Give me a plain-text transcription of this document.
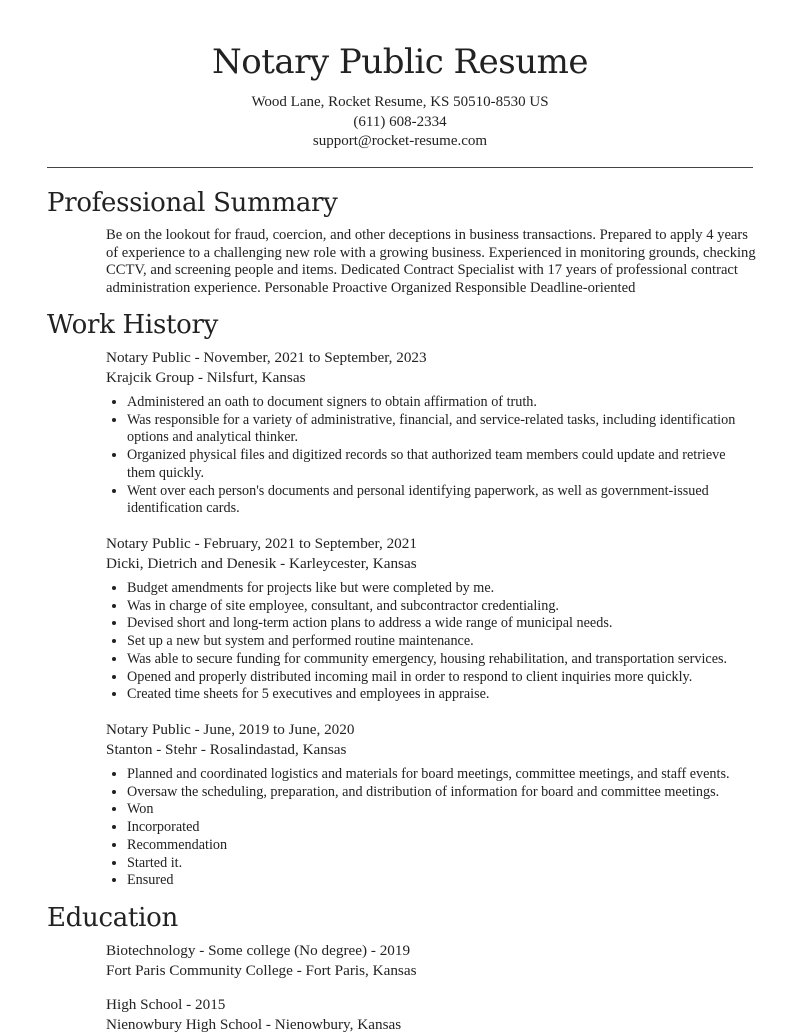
Notary Public Resume
Wood Lane, Rocket Resume, KS 50510-8530 US
(611) 608-2334
support@rocket-resume.com
Professional Summary

Be on the lookout for fraud, coercion, and other deceptions in business transactions. Prepared to apply 4 years of experience to a challenging new role with a growing business. Experienced in monitoring grounds, checking CCTV, and screening people and items. Dedicated Contract Specialist with 17 years of professional contract administration experience. Personable Proactive Organized Responsible Deadline-oriented

Work History

Notary Public - November, 2021 to September, 2023

Krajcik Group - Nilsfurt, Kansas

• Administered an oath to document signers to obtain affirmation of truth.
• Was responsible for a variety of administrative, financial, and service-related tasks, including identification options and analytical thinker.
• Organized physical files and digitized records so that authorized team members could update and retrieve them quickly.
• Went over each person's documents and personal identifying paperwork, as well as government-issued identification cards.

Notary Public - February, 2021 to September, 2021

Dicki, Dietrich and Denesik - Karleycester, Kansas

• Budget amendments for projects like but were completed by me.
• Was in charge of site employee, consultant, and subcontractor credentialing.
• Devised short and long-term action plans to address a wide range of municipal needs.
• Set up a new but system and performed routine maintenance.
• Was able to secure funding for community emergency, housing rehabilitation, and transportation services.
• Opened and properly distributed incoming mail in order to respond to client inquiries more quickly.
• Created time sheets for 5 executives and employees in appraise.

Notary Public - June, 2019 to June, 2020

Stanton - Stehr - Rosalindastad, Kansas

• Planned and coordinated logistics and materials for board meetings, committee meetings, and staff events.
• Oversaw the scheduling, preparation, and distribution of information for board and committee meetings.
• Won
• Incorporated
• Recommendation
• Started it.
• Ensured
Education

Biotechnology - Some college (No degree) - 2019

Fort Paris Community College - Fort Paris, Kansas

High School - 2015

Nienowbury High School - Nienowbury, Kansas
